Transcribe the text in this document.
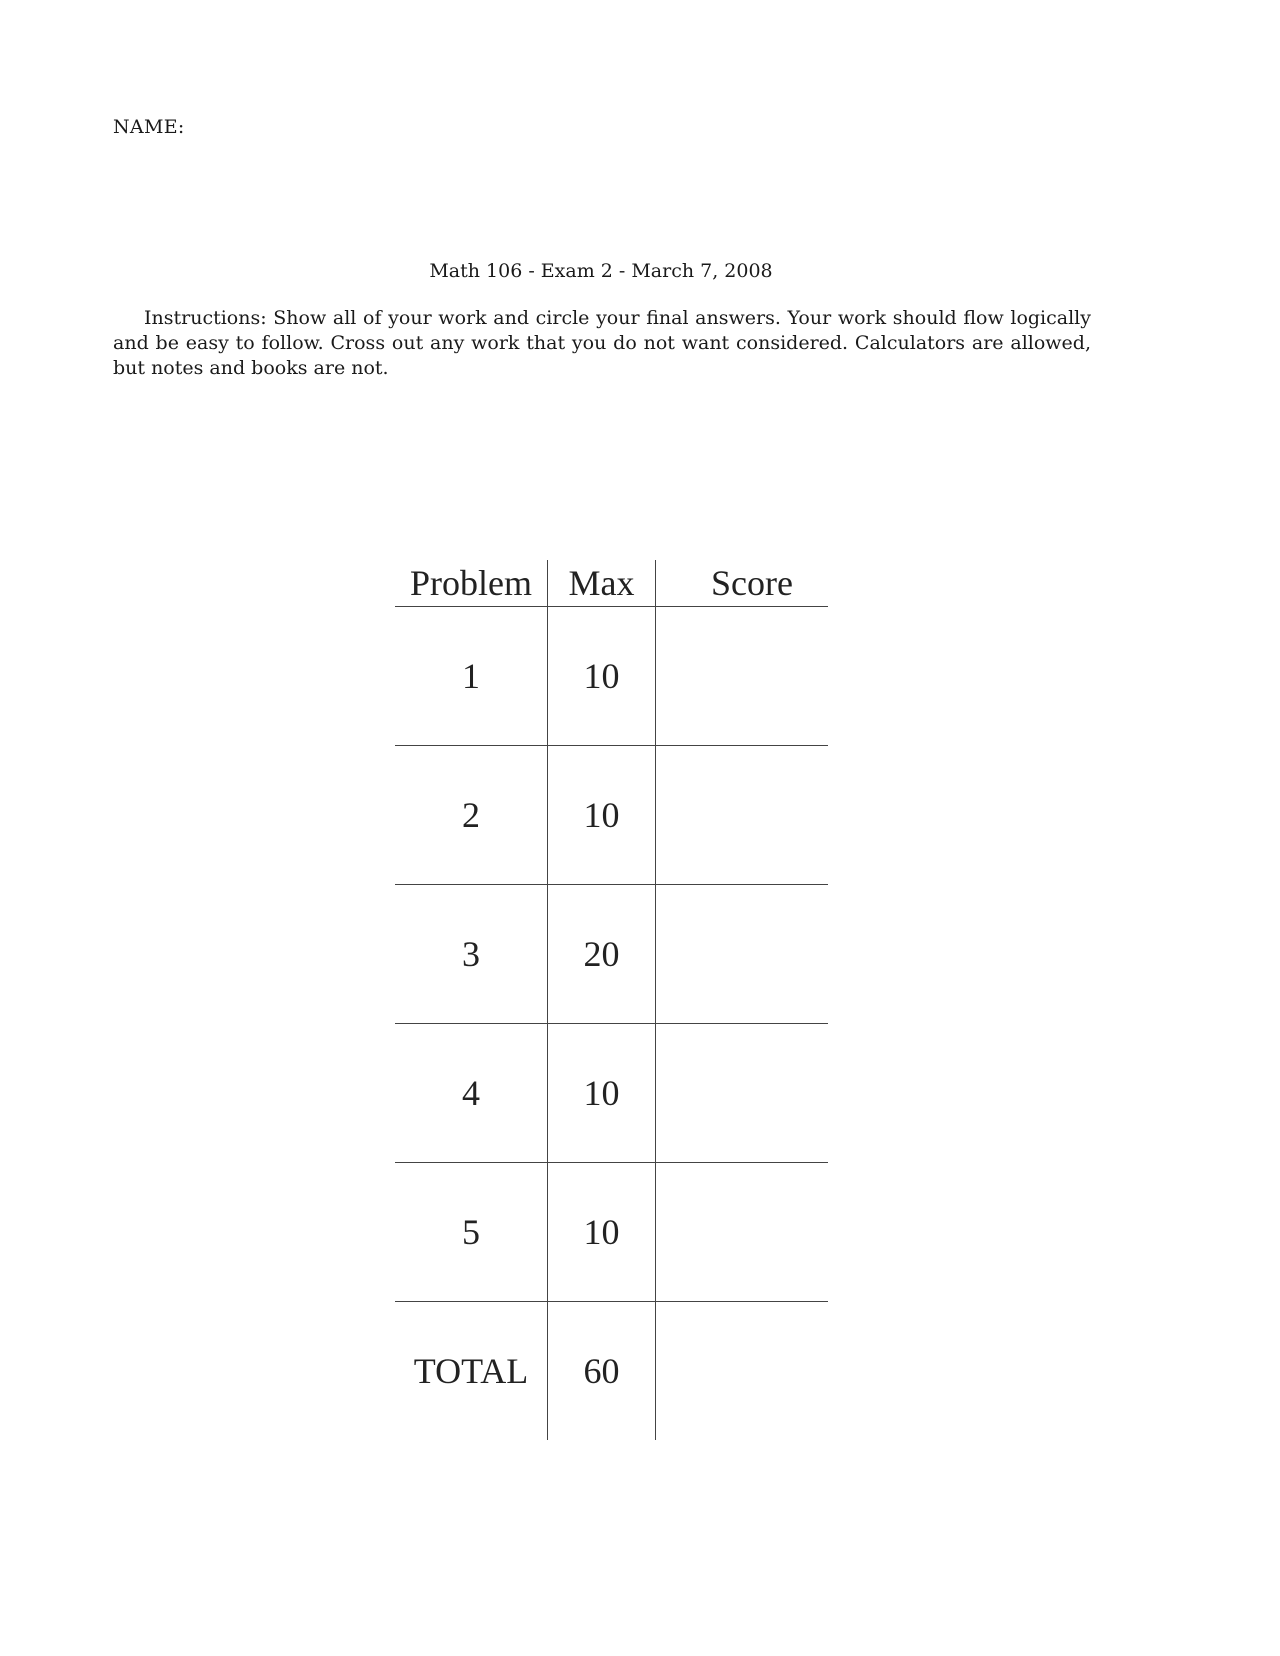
NAME:
Math 106 - Exam 2 - March 7, 2008

Instructions: Show all of your work and circle your final answers. Your work should flow logically and be easy to follow. Cross out any work that you do not want considered. Calculators are allowed, but notes and books are not.

Problem	Max	Score
1	10	
2	10	
3	20	
4	10	
5	10	
TOTAL	60	
